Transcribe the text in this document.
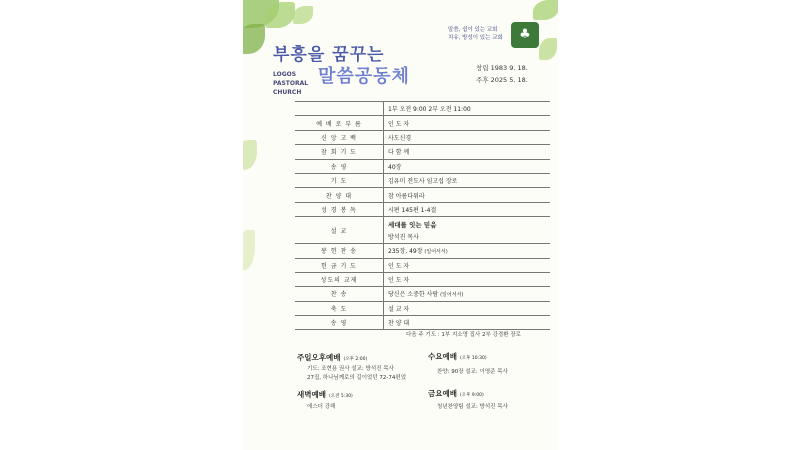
부흥을 꿈꾸는
말씀공동체
LOGOS
PASTORAL
CHURCH
말씀, 쉼이 있는 교회
치유, 방성이 있는 교회	♣
창립 1983 9. 18.
주후 2025 5. 18.
	1부 오전 9:00 2부 오전 11:00
예 배 로 부 름	인 도 자
신 앙 고 백	사도신경
참 회 기 도	다 함 께
송 영	40장
기 도	김유미 전도사 임고섭 장로
찬 양 대	참 아름다워라
성 경 봉 독	시편 145편 1-4절
설 교	세대를 잇는 믿음
방석진 목사

봉 헌 찬 송	235장, 49장 (일어서서)
헌 금 기 도	인 도 자
성도의 교제	인 도 자
찬 송	당신은 소중한 사람 (일어서서)
축 도	설 교 자
송 영	찬 양 대
다음 주 기도 : 1부 지소영 집사 2부 강경환 장로
주일오후예배 (오후 2:00)
기도: 조현용 권사 설교: 방석진 목사
27집, 하나님께로의 길이었던 72-74편었
새벽예배 (오전 5:30)
에스더 강해
수요예배 (오후 10:30)
찬양: 90장 설교: 이영준 목사
금요예배 (오후 9:00)
청년찬양팀 설교: 방석진 목사
